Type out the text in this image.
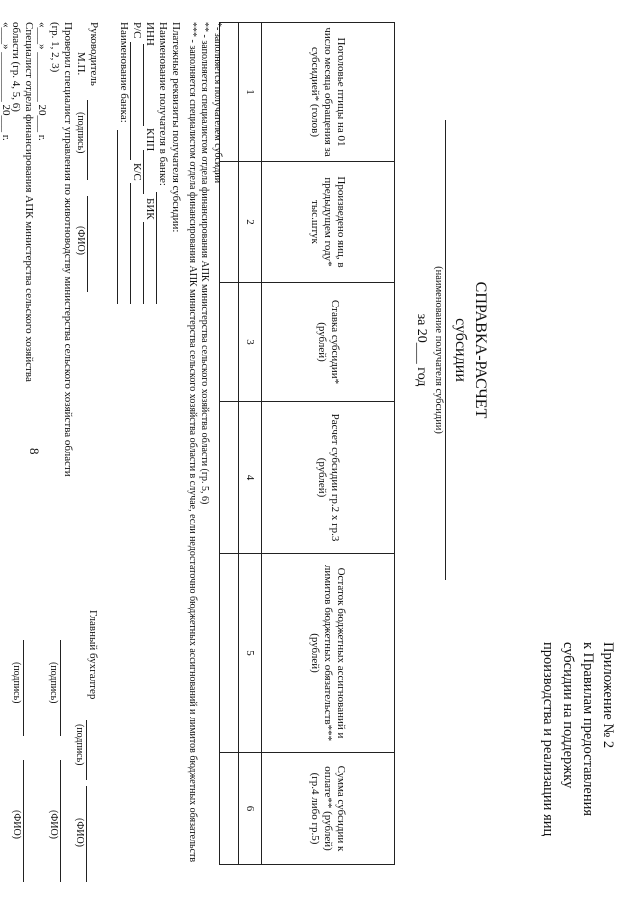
8
Приложение № 2
к Правилам предоставления
субсидии на поддержку
производства и реализации яиц
СПРАВКА-РАСЧЕТ
субсидии
(наименование получателя субсидии)
за 20___ год
Поголовье птицы на 01 число месяца обращения за субсидией* (голов)	Произведено яиц, в предыдущем году* тыс.штук	Ставка субсидии* (рублей)	Расчет субсидии гр.2 х гр.3 (рублей)	Остаток бюджетных ассигнований и лимитов бюджетных обязательств*** (рублей)	Сумма субсидии к оплате** (рублей) (гр.4 либо гр.5)
1	2	3	4	5	6

*- заполняется получателем субсидии
** - заполняется специалистом отдела финансирования АПК министерства сельского хозяйства области (гр. 5, 6)
*** - заполняется специалистом отдела финансирования АПК министерства сельского хозяйства области в случае, если недостаточно бюджетных ассигнований и лимитов бюджетных обязательств
Платежные реквизиты получателя субсидии:
Наименование получателя в банке:
ИНН
КПП
БИК
Р/С
К/С
Наименование банка:
Руководитель
(подпись)
(ФИО)
М.П.
Главный бухгалтер
(подпись)
(ФИО)
Проверил специалист управления по животноводству министерства сельского хозяйства области
(гр. 1, 2, 3)
«___» _________ 20___ г.
(подпись)
(ФИО)
Специалист отдела финансирования АПК министерства сельского хозяйства
области (гр. 4, 5, 6)
«___» _________ 20___ г.
(подпись)
(ФИО)
